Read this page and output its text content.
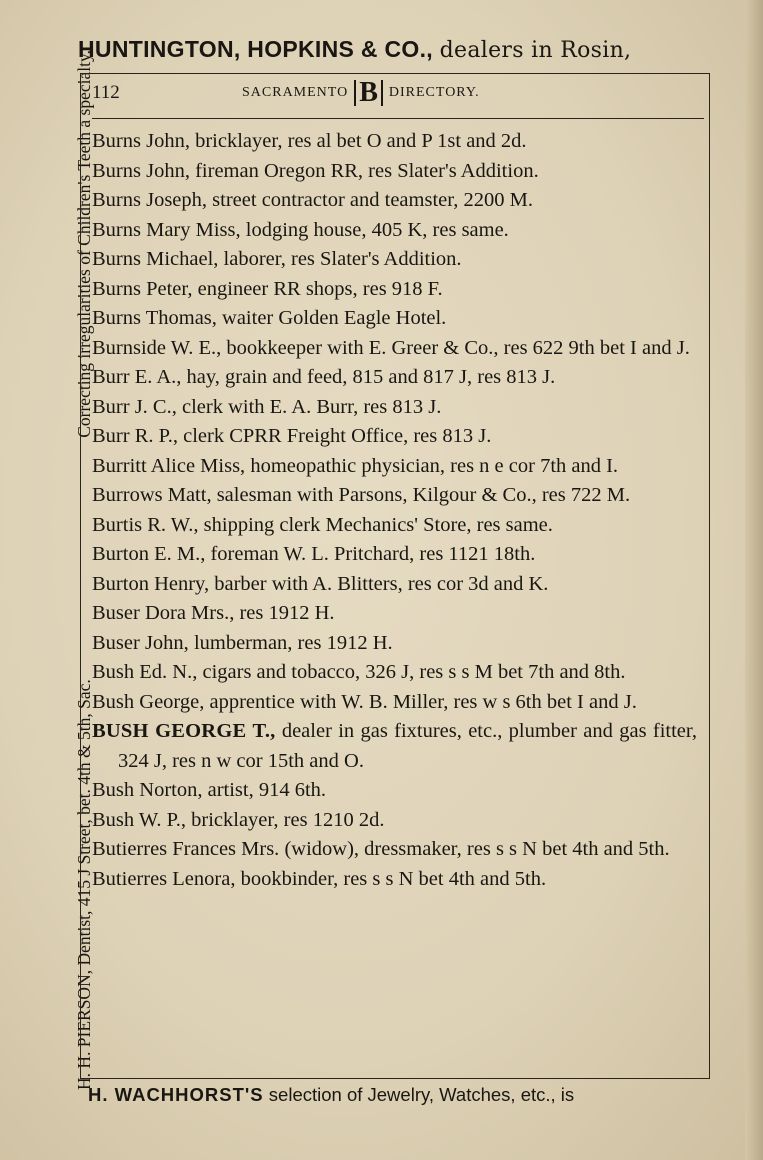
HUNTINGTON, HOPKINS & CO., dealers in Rosin,
H. H. PIERSON, Dentist, 415 J Street, bet. 4th & 5th, Sac.
Correcting irregularities of Children's Teeth a specialty.
112	SACRAMENTO B DIRECTORY.
Burns John, bricklayer, res al bet O and P 1st and 2d.
Burns John, fireman Oregon RR, res Slater's Addition.
Burns Joseph, street contractor and teamster, 2200 M.
Burns Mary Miss, lodging house, 405 K, res same.
Burns Michael, laborer, res Slater's Addition.
Burns Peter, engineer RR shops, res 918 F.
Burns Thomas, waiter Golden Eagle Hotel.
Burnside W. E., bookkeeper with E. Greer & Co., res 622 9th bet I and J.
Burr E. A., hay, grain and feed, 815 and 817 J, res 813 J.
Burr J. C., clerk with E. A. Burr, res 813 J.
Burr R. P., clerk CPRR Freight Office, res 813 J.
Burritt Alice Miss, homeopathic physician, res n e cor 7th and I.
Burrows Matt, salesman with Parsons, Kilgour & Co., res 722 M.
Burtis R. W., shipping clerk Mechanics' Store, res same.
Burton E. M., foreman W. L. Pritchard, res 1121 18th.
Burton Henry, barber with A. Blitters, res cor 3d and K.
Buser Dora Mrs., res 1912 H.
Buser John, lumberman, res 1912 H.
Bush Ed. N., cigars and tobacco, 326 J, res s s M bet 7th and 8th.
Bush George, apprentice with W. B. Miller, res w s 6th bet I and J.
BUSH GEORGE T., dealer in gas fixtures, etc., plumber and gas fitter, 324 J, res n w cor 15th and O.
Bush Norton, artist, 914 6th.
Bush W. P., bricklayer, res 1210 2d.
Butierres Frances Mrs. (widow), dressmaker, res s s N bet 4th and 5th.
Butierres Lenora, bookbinder, res s s N bet 4th and 5th.
H. WACHHORST'S selection of Jewelry, Watches, etc., is
